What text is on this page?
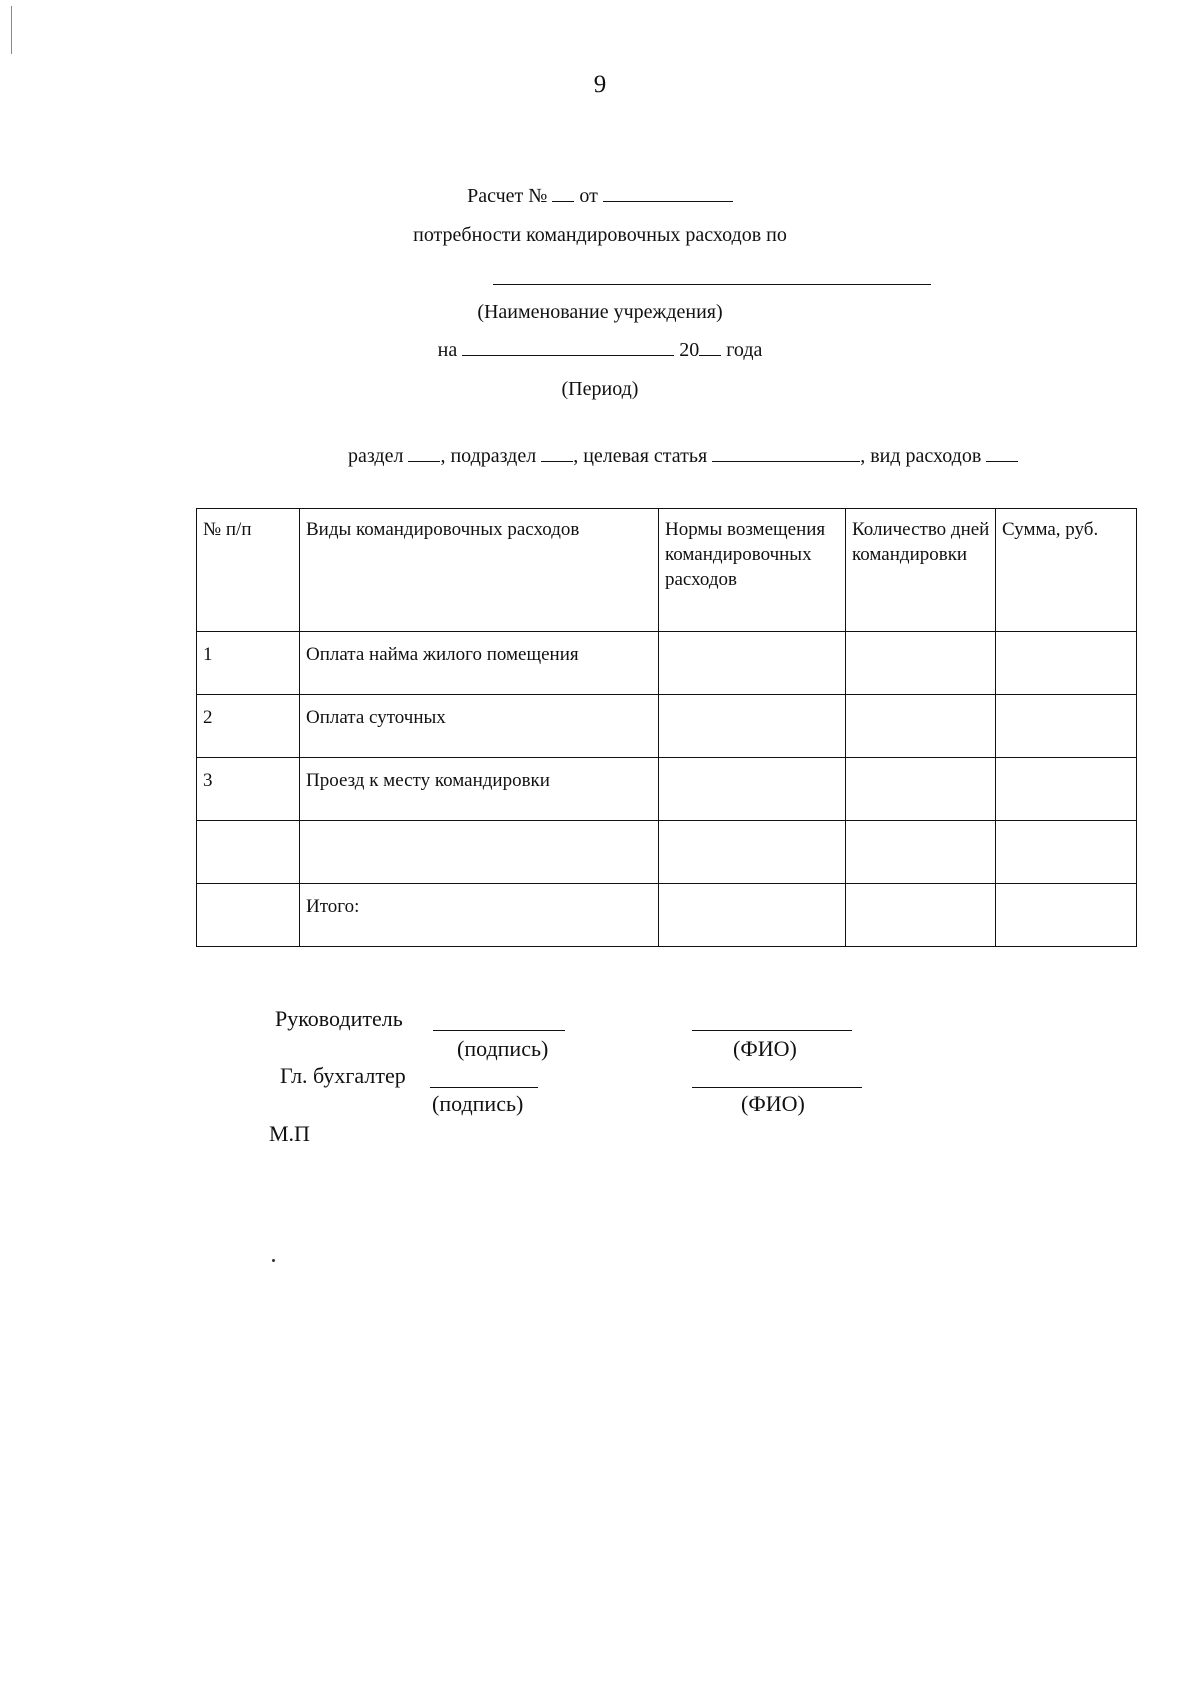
9
Расчет № от
потребности командировочных расходов по
(Наименование учреждения)
на	20 года
(Период)
раздел , подраздел , целевая статья	, вид расходов
№ п/п	Виды командировочных расходов	Нормы возмещения командировочных расходов	Количество дней командировки	Сумма, руб.
1	Оплата найма жилого помещения			
2	Оплата суточных			
3	Проезд к месту командировки			

	Итого:			
Руководитель
(подпись)	(ФИО)
Гл. бухгалтер
(подпись)	(ФИО)
М.П
